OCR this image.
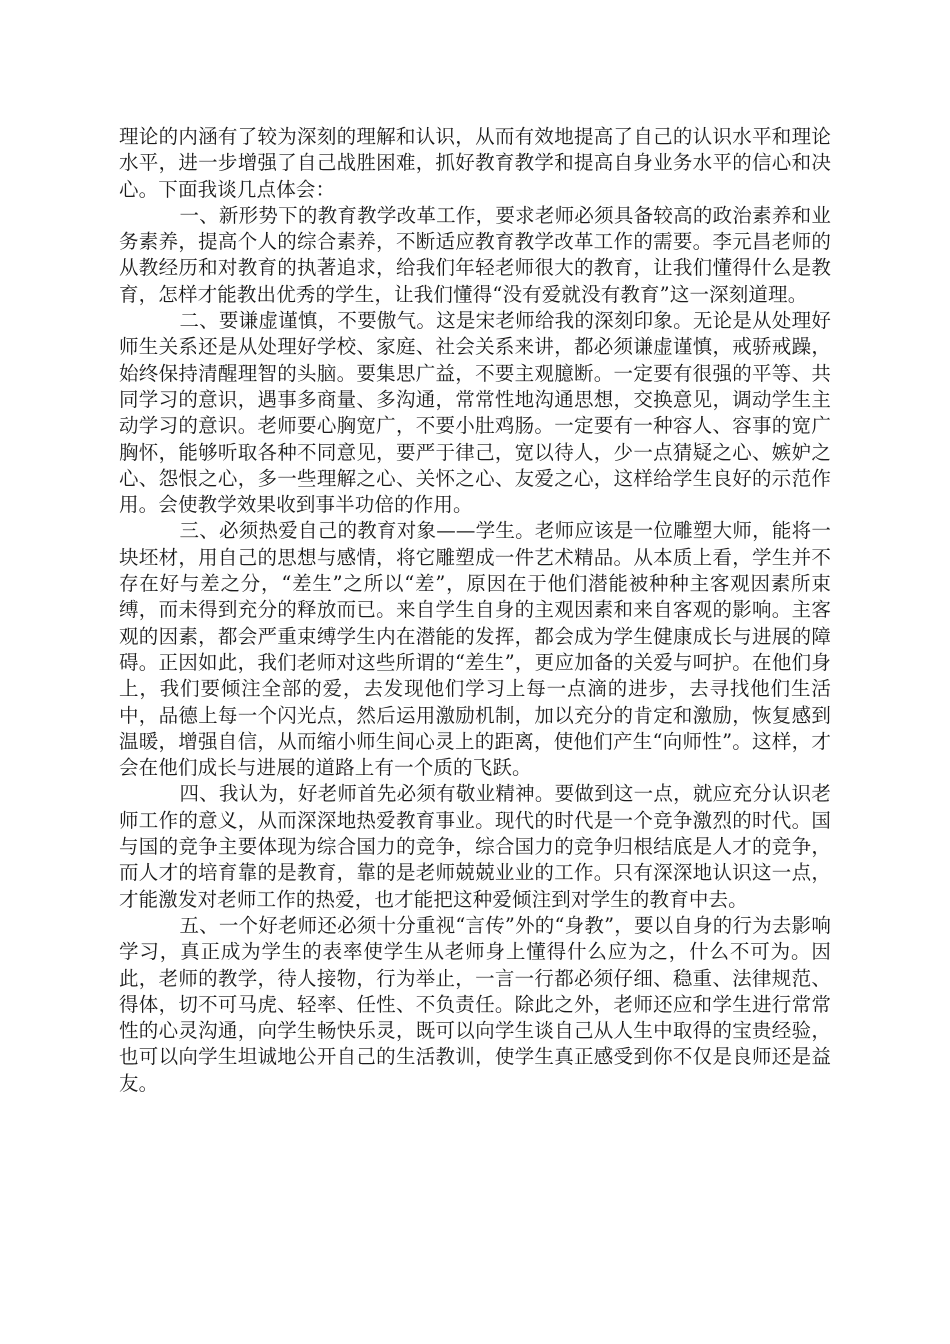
理论的内涵有了较为深刻的理解和认识，从而有效地提高了自己的认识水平和理论水平，进一步增强了自己战胜困难，抓好教育教学和提高自身业务水平的信心和决心。下面我谈几点体会：

一、新形势下的教育教学改革工作，要求老师必须具备较高的政治素养和业务素养，提高个人的综合素养，不断适应教育教学改革工作的需要。李元昌老师的从教经历和对教育的执著追求，给我们年轻老师很大的教育，让我们懂得什么是教育，怎样才能教出优秀的学生，让我们懂得“没有爱就没有教育”这一深刻道理。

二、要谦虚谨慎，不要傲气。这是宋老师给我的深刻印象。无论是从处理好师生关系还是从处理好学校、家庭、社会关系来讲，都必须谦虚谨慎，戒骄戒躁，始终保持清醒理智的头脑。要集思广益，不要主观臆断。一定要有很强的平等、共同学习的意识，遇事多商量、多沟通，常常性地沟通思想，交换意见，调动学生主动学习的意识。老师要心胸宽广，不要小肚鸡肠。一定要有一种容人、容事的宽广胸怀，能够听取各种不同意见，要严于律己，宽以待人，少一点猜疑之心、嫉妒之心、怨恨之心，多一些理解之心、关怀之心、友爱之心，这样给学生良好的示范作用。会使教学效果收到事半功倍的作用。

三、必须热爱自己的教育对象——学生。老师应该是一位雕塑大师，能将一块坯材，用自己的思想与感情，将它雕塑成一件艺术精品。从本质上看，学生并不存在好与差之分，“差生”之所以“差”，原因在于他们潜能被种种主客观因素所束缚，而未得到充分的释放而已。来自学生自身的主观因素和来自客观的影响。主客观的因素，都会严重束缚学生内在潜能的发挥，都会成为学生健康成长与进展的障碍。正因如此，我们老师对这些所谓的“差生”，更应加备的关爱与呵护。在他们身上，我们要倾注全部的爱，去发现他们学习上每一点滴的进步，去寻找他们生活中，品德上每一个闪光点，然后运用激励机制，加以充分的肯定和激励，恢复感到温暖，增强自信，从而缩小师生间心灵上的距离，使他们产生“向师性”。这样，才会在他们成长与进展的道路上有一个质的飞跃。

四、我认为，好老师首先必须有敬业精神。要做到这一点，就应充分认识老师工作的意义，从而深深地热爱教育事业。现代的时代是一个竞争激烈的时代。国与国的竞争主要体现为综合国力的竞争，综合国力的竞争归根结底是人才的竞争，而人才的培育靠的是教育，靠的是老师兢兢业业的工作。只有深深地认识这一点，才能激发对老师工作的热爱，也才能把这种爱倾注到对学生的教育中去。

五、一个好老师还必须十分重视“言传”外的“身教”，要以自身的行为去影响学习，真正成为学生的表率使学生从老师身上懂得什么应为之，什么不可为。因此，老师的教学，待人接物，行为举止，一言一行都必须仔细、稳重、法律规范、得体，切不可马虎、轻率、任性、不负责任。除此之外，老师还应和学生进行常常性的心灵沟通，向学生畅快乐灵，既可以向学生谈自己从人生中取得的宝贵经验，也可以向学生坦诚地公开自己的生活教训，使学生真正感受到你不仅是良师还是益友。
